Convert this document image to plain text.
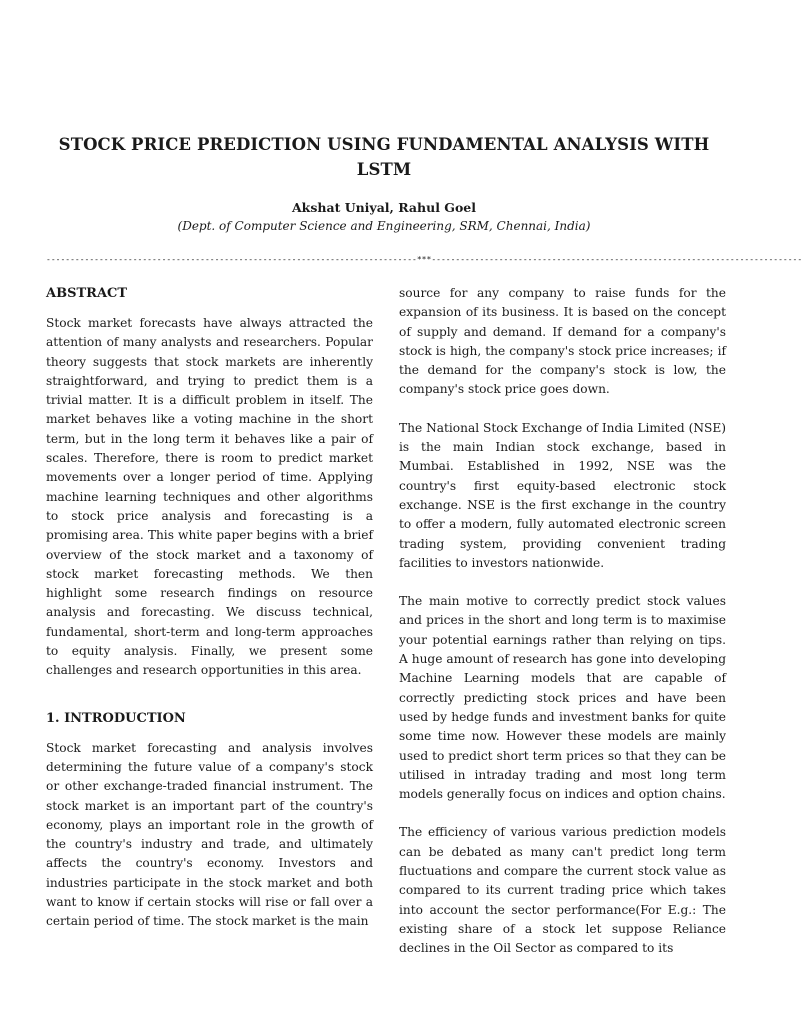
STOCK PRICE PREDICTION USING FUNDAMENTAL ANALYSIS WITH LSTM
Akshat Uniyal, Rahul Goel
(Dept. of Computer Science and Engineering, SRM, Chennai, India)
-----------------------------------------------------------------------------***-----------------------------------------------------------------------------
ABSTRACT
Stock market forecasts have always attracted the attention of many analysts and researchers. Popular theory suggests that stock markets are inherently straightforward, and trying to predict them is a trivial matter. It is a difficult problem in itself. The market behaves like a voting machine in the short term, but in the long term it behaves like a pair of scales. Therefore, there is room to predict market movements over a longer period of time. Applying machine learning techniques and other algorithms to stock price analysis and forecasting is a promising area. This white paper begins with a brief overview of the stock market and a taxonomy of stock market forecasting methods. We then highlight some research findings on resource analysis and forecasting. We discuss technical, fundamental, short-term and long-term approaches to equity analysis. Finally, we present some challenges and research opportunities in this area.
1. INTRODUCTION
Stock market forecasting and analysis involves determining the future value of a company's stock or other exchange-traded financial instrument. The stock market is an important part of the country's economy, plays an important role in the growth of the country's industry and trade, and ultimately affects the country's economy. Investors and industries participate in the stock market and both want to know if certain stocks will rise or fall over a certain period of time. The stock market is the main
source for any company to raise funds for the expansion of its business. It is based on the concept of supply and demand. If demand for a company's stock is high, the company's stock price increases; if the demand for the company's stock is low, the company's stock price goes down.
The National Stock Exchange of India Limited (NSE) is the main Indian stock exchange, based in Mumbai. Established in 1992, NSE was the country's first equity-based electronic stock exchange. NSE is the first exchange in the country to offer a modern, fully automated electronic screen trading system, providing convenient trading facilities to investors nationwide.
The main motive to correctly predict stock values and prices in the short and long term is to maximise your potential earnings rather than relying on tips. A huge amount of research has gone into developing Machine Learning models that are capable of correctly predicting stock prices and have been used by hedge funds and investment banks for quite some time now. However these models are mainly used to predict short term prices so that they can be utilised in intraday trading and most long term models generally focus on indices and option chains.
The efficiency of various various prediction models can be debated as many can't predict long term fluctuations and compare the current stock value as compared to its current trading price which takes into account the sector performance(For E.g.: The existing share of a stock let suppose Reliance declines in the Oil Sector as compared to its
